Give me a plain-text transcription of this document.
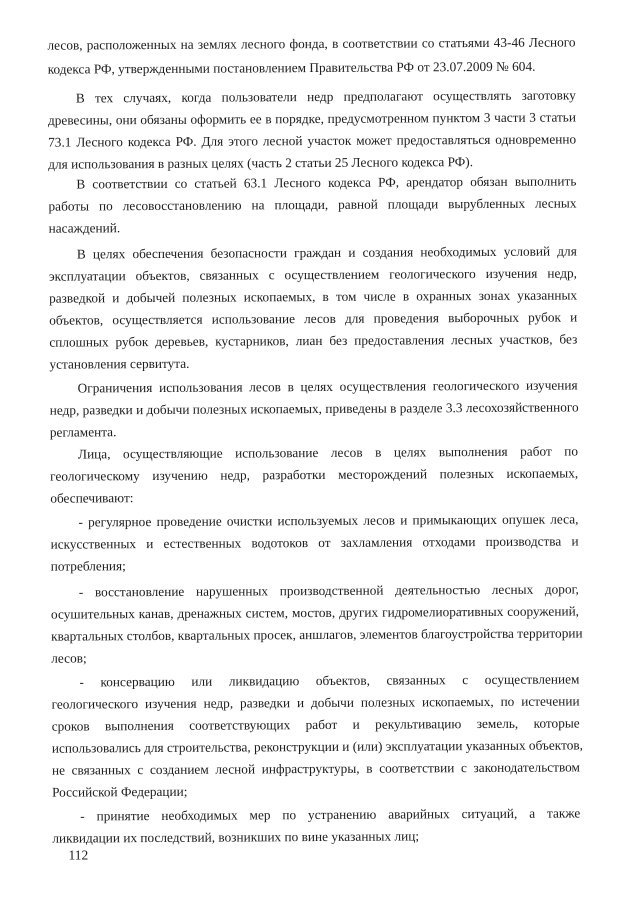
лесов, расположенных на землях лесного фонда, в соответствии со статьями 43-46 Лесного
кодекса РФ, утвержденными постановлением Правительства РФ от 23.07.2009 № 604.
В тех случаях, когда пользователи недр предполагают осуществлять заготовку
древесины, они обязаны оформить ее в порядке, предусмотренном пунктом 3 части 3 статьи
73.1 Лесного кодекса РФ. Для этого лесной участок может предоставляться одновременно
для использования в разных целях (часть 2 статьи 25 Лесного кодекса РФ).
В соответствии со статьей 63.1 Лесного кодекса РФ, арендатор обязан выполнить
работы по лесовосстановлению на площади, равной площади вырубленных лесных
насаждений.
В целях обеспечения безопасности граждан и создания необходимых условий для
эксплуатации объектов, связанных с осуществлением геологического изучения недр,
разведкой и добычей полезных ископаемых, в том числе в охранных зонах указанных
объектов, осуществляется использование лесов для проведения выборочных рубок и
сплошных рубок деревьев, кустарников, лиан без предоставления лесных участков, без
установления сервитута.
Ограничения использования лесов в целях осуществления геологического изучения
недр, разведки и добычи полезных ископаемых, приведены в разделе 3.3 лесохозяйственного
регламента.
Лица, осуществляющие использование лесов в целях выполнения работ по
геологическому изучению недр, разработки месторождений полезных ископаемых,
обеспечивают:
- регулярное проведение очистки используемых лесов и примыкающих опушек леса,
искусственных и естественных водотоков от захламления отходами производства и
потребления;
- восстановление нарушенных производственной деятельностью лесных дорог,
осушительных канав, дренажных систем, мостов, других гидромелиоративных сооружений,
квартальных столбов, квартальных просек, аншлагов, элементов благоустройства территории
лесов;
- консервацию или ликвидацию объектов, связанных с осуществлением
геологического изучения недр, разведки и добычи полезных ископаемых, по истечении
сроков выполнения соответствующих работ и рекультивацию земель, которые
использовались для строительства, реконструкции и (или) эксплуатации указанных объектов,
не связанных с созданием лесной инфраструктуры, в соответствии с законодательством
Российской Федерации;
- принятие необходимых мер по устранению аварийных ситуаций, а также
ликвидации их последствий, возникших по вине указанных лиц;
112
